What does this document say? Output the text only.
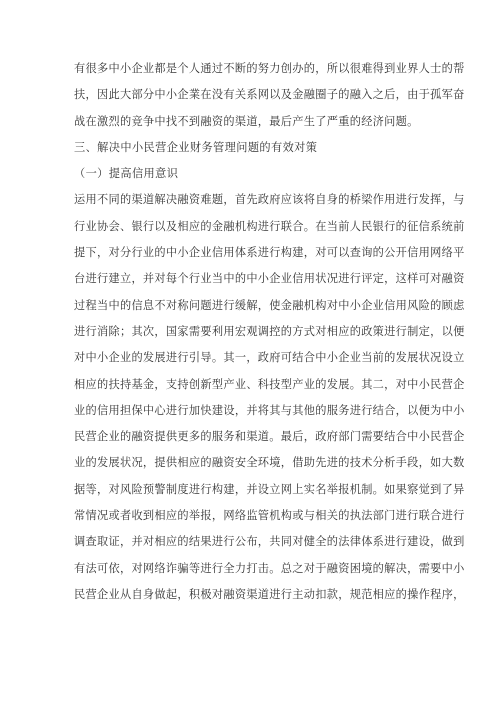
有很多中小企业都是个人通过不断的努力创办的，所以很难得到业界人士的帮

扶，因此大部分中小企業在没有关系网以及金融圈子的融入之后，由于孤军奋

战在激烈的竞争中找不到融资的渠道，最后产生了严重的经济问题。

三、解决中小民营企业财务管理问题的有效对策

（一）提高信用意识

运用不同的渠道解决融资难题，首先政府应该将自身的桥梁作用进行发挥，与

行业协会、银行以及相应的金融机构进行联合。在当前人民银行的征信系统前

提下，对分行业的中小企业信用体系进行构建，对可以查询的公开信用网络平

台进行建立，并对每个行业当中的中小企业信用状况进行评定，这样可对融资

过程当中的信息不对称问题进行缓解，使金融机构对中小企业信用风险的顾虑

进行消除；其次，国家需要利用宏观调控的方式对相应的政策进行制定，以便

对中小企业的发展进行引导。其一，政府可结合中小企业当前的发展状况设立

相应的扶持基金，支持创新型产业、科技型产业的发展。其二，对中小民营企

业的信用担保中心进行加快建设，并将其与其他的服务进行结合，以便为中小

民营企业的融资提供更多的服务和渠道。最后，政府部门需要结合中小民营企

业的发展状况，提供相应的融资安全环境，借助先进的技术分析手段，如大数

据等，对风险预警制度进行构建，并设立网上实名举报机制。如果察觉到了异

常情况或者收到相应的举报，网络监管机构或与相关的执法部门进行联合进行

调查取证，并对相应的结果进行公布，共同对健全的法律体系进行建设，做到

有法可依，对网络诈骗等进行全力打击。总之对于融资困境的解决，需要中小

民营企业从自身做起，积极对融资渠道进行主动扣款，规范相应的操作程序，
